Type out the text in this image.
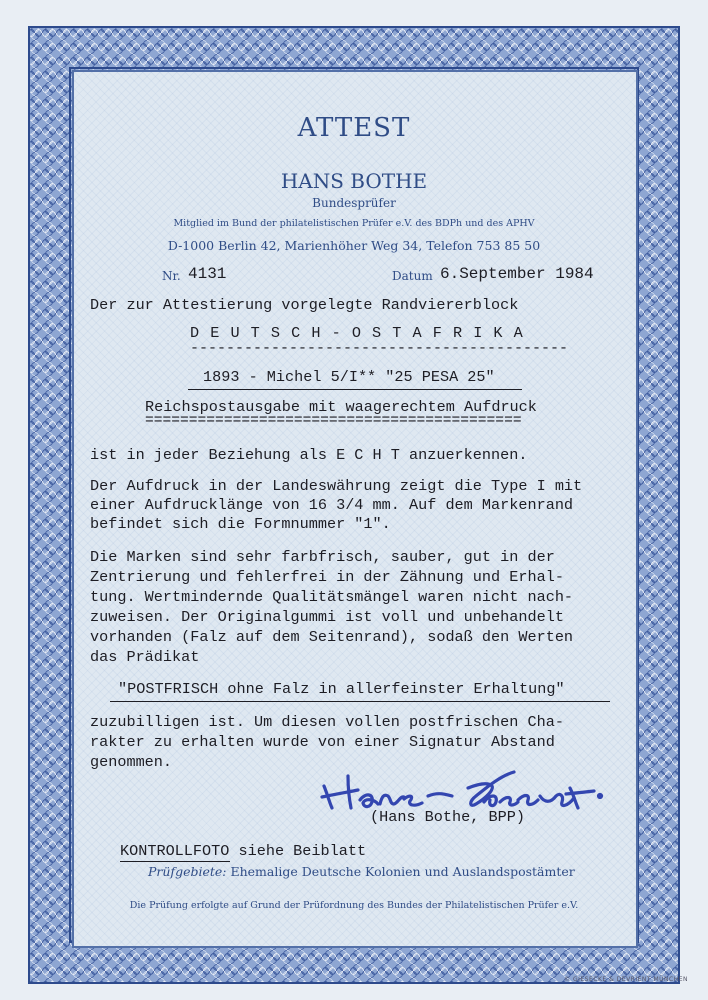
ATTEST
HANS BOTHE
Bundesprüfer
Mitglied im Bund der philatelistischen Prüfer e.V. des BDPh und des APHV
D-1000 Berlin 42, Marienhöher Weg 34, Telefon 753 85 50
Nr. 4131	Datum 6.September 1984
Der zur Attestierung vorgelegte Randviererblock
D E U T S C H - O S T A F R I K A
------------------------------------------
1893 - Michel 5/I** "25 PESA 25"
Reichspostausgabe mit waagerechtem Aufdruck
===========================================
ist in jeder Beziehung als E C H T anzuerkennen.
Der Aufdruck in der Landeswährung zeigt die Type I mit
einer Aufdrucklänge von 16 3/4 mm. Auf dem Markenrand
befindet sich die Formnummer "1".
Die Marken sind sehr farbfrisch, sauber, gut in der
Zentrierung und fehlerfrei in der Zähnung und Erhal-
tung. Wertmindernde Qualitätsmängel waren nicht nach-
zuweisen. Der Originalgummi ist voll und unbehandelt
vorhanden (Falz auf dem Seitenrand), sodaß den Werten
das Prädikat
"POSTFRISCH ohne Falz in allerfeinster Erhaltung"
zuzubilligen ist. Um diesen vollen postfrischen Cha-
rakter zu erhalten wurde von einer Signatur Abstand
genommen.
(Hans Bothe, BPP)
KONTROLLFOTO siehe Beiblatt
Prüfgebiete: Ehemalige Deutsche Kolonien und Auslandspostämter
Die Prüfung erfolgte auf Grund der Prüfordnung des Bundes der Philatelistischen Prüfer e.V.
© GIESECKE & DEVRIENT MÜNCHEN
